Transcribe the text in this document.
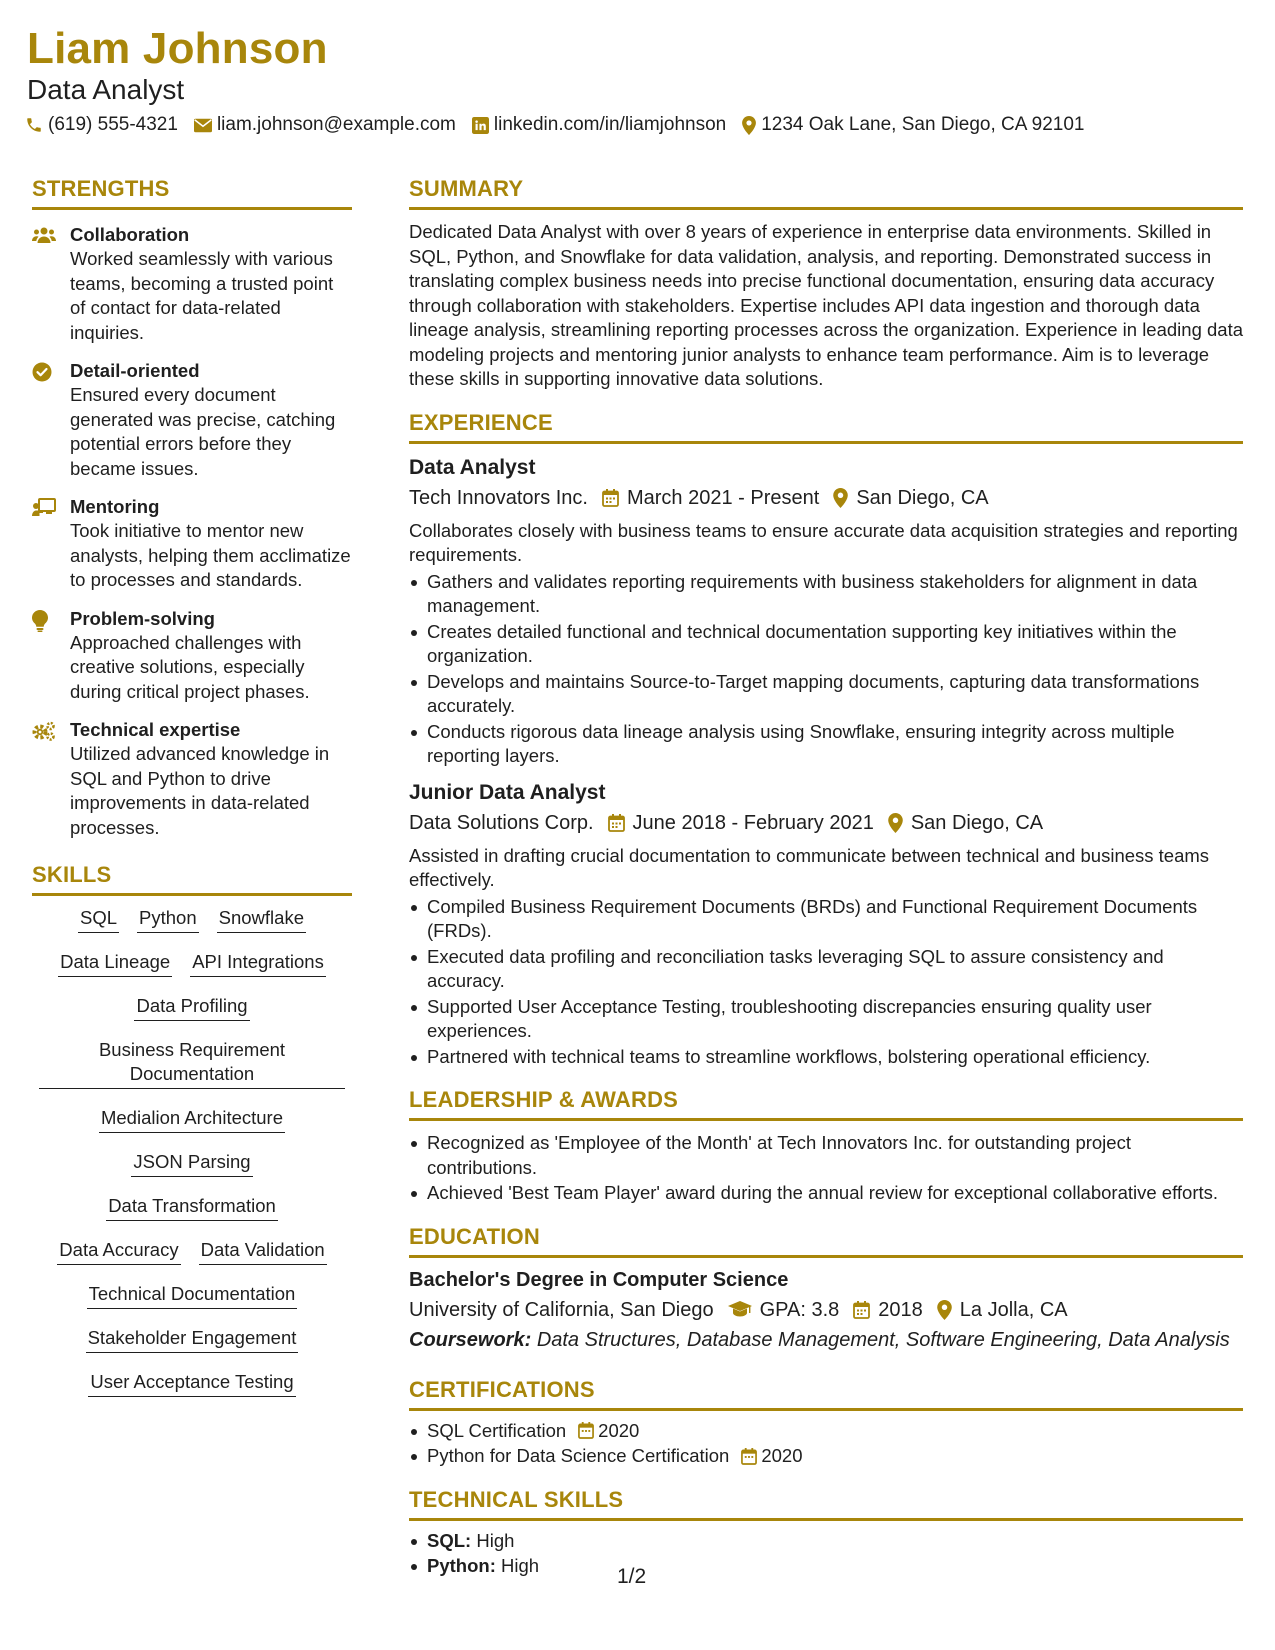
Liam Johnson
Data Analyst
(619) 555-4321 liam.johnson@example.com linkedin.com/in/liamjohnson 1234 Oak Lane, San Diego, CA 92101
STRENGTHS
Collaboration
Worked seamlessly with various teams, becoming a trusted point of contact for data-related inquiries.
Detail-oriented
Ensured every document generated was precise, catching potential errors before they became issues.
Mentoring
Took initiative to mentor new analysts, helping them acclimatize to processes and standards.
Problem-solving
Approached challenges with creative solutions, especially during critical project phases.
Technical expertise
Utilized advanced knowledge in SQL and Python to drive improvements in data-related processes.
SKILLS
SQL Python Snowflake
Data Lineage API Integrations
Data Profiling
Business Requirement Documentation
Medialion Architecture
JSON Parsing
Data Transformation
Data Accuracy Data Validation
Technical Documentation
Stakeholder Engagement
User Acceptance Testing
SUMMARY
Dedicated Data Analyst with over 8 years of experience in enterprise data environments. Skilled in SQL, Python, and Snowflake for data validation, analysis, and reporting. Demonstrated success in translating complex business needs into precise functional documentation, ensuring data accuracy through collaboration with stakeholders. Expertise includes API data ingestion and thorough data lineage analysis, streamlining reporting processes across the organization. Experience in leading data modeling projects and mentoring junior analysts to enhance team performance. Aim is to leverage these skills in supporting innovative data solutions.
EXPERIENCE
Data Analyst
Tech Innovators Inc. March 2021 - Present San Diego, CA
Collaborates closely with business teams to ensure accurate data acquisition strategies and reporting requirements.
Gathers and validates reporting requirements with business stakeholders for alignment in data management.
Creates detailed functional and technical documentation supporting key initiatives within the organization.
Develops and maintains Source-to-Target mapping documents, capturing data transformations accurately.
Conducts rigorous data lineage analysis using Snowflake, ensuring integrity across multiple reporting layers.
Junior Data Analyst
Data Solutions Corp. June 2018 - February 2021 San Diego, CA
Assisted in drafting crucial documentation to communicate between technical and business teams effectively.
Compiled Business Requirement Documents (BRDs) and Functional Requirement Documents (FRDs).
Executed data profiling and reconciliation tasks leveraging SQL to assure consistency and accuracy.
Supported User Acceptance Testing, troubleshooting discrepancies ensuring quality user experiences.
Partnered with technical teams to streamline workflows, bolstering operational efficiency.
LEADERSHIP & AWARDS
Recognized as 'Employee of the Month' at Tech Innovators Inc. for outstanding project contributions.
Achieved 'Best Team Player' award during the annual review for exceptional collaborative efforts.
EDUCATION
Bachelor's Degree in Computer Science
University of California, San Diego GPA: 3.8 2018 La Jolla, CA
Coursework: Data Structures, Database Management, Software Engineering, Data Analysis
CERTIFICATIONS
SQL Certification 2020
Python for Data Science Certification 2020
TECHNICAL SKILLS
SQL: High
Python: High	1/2
